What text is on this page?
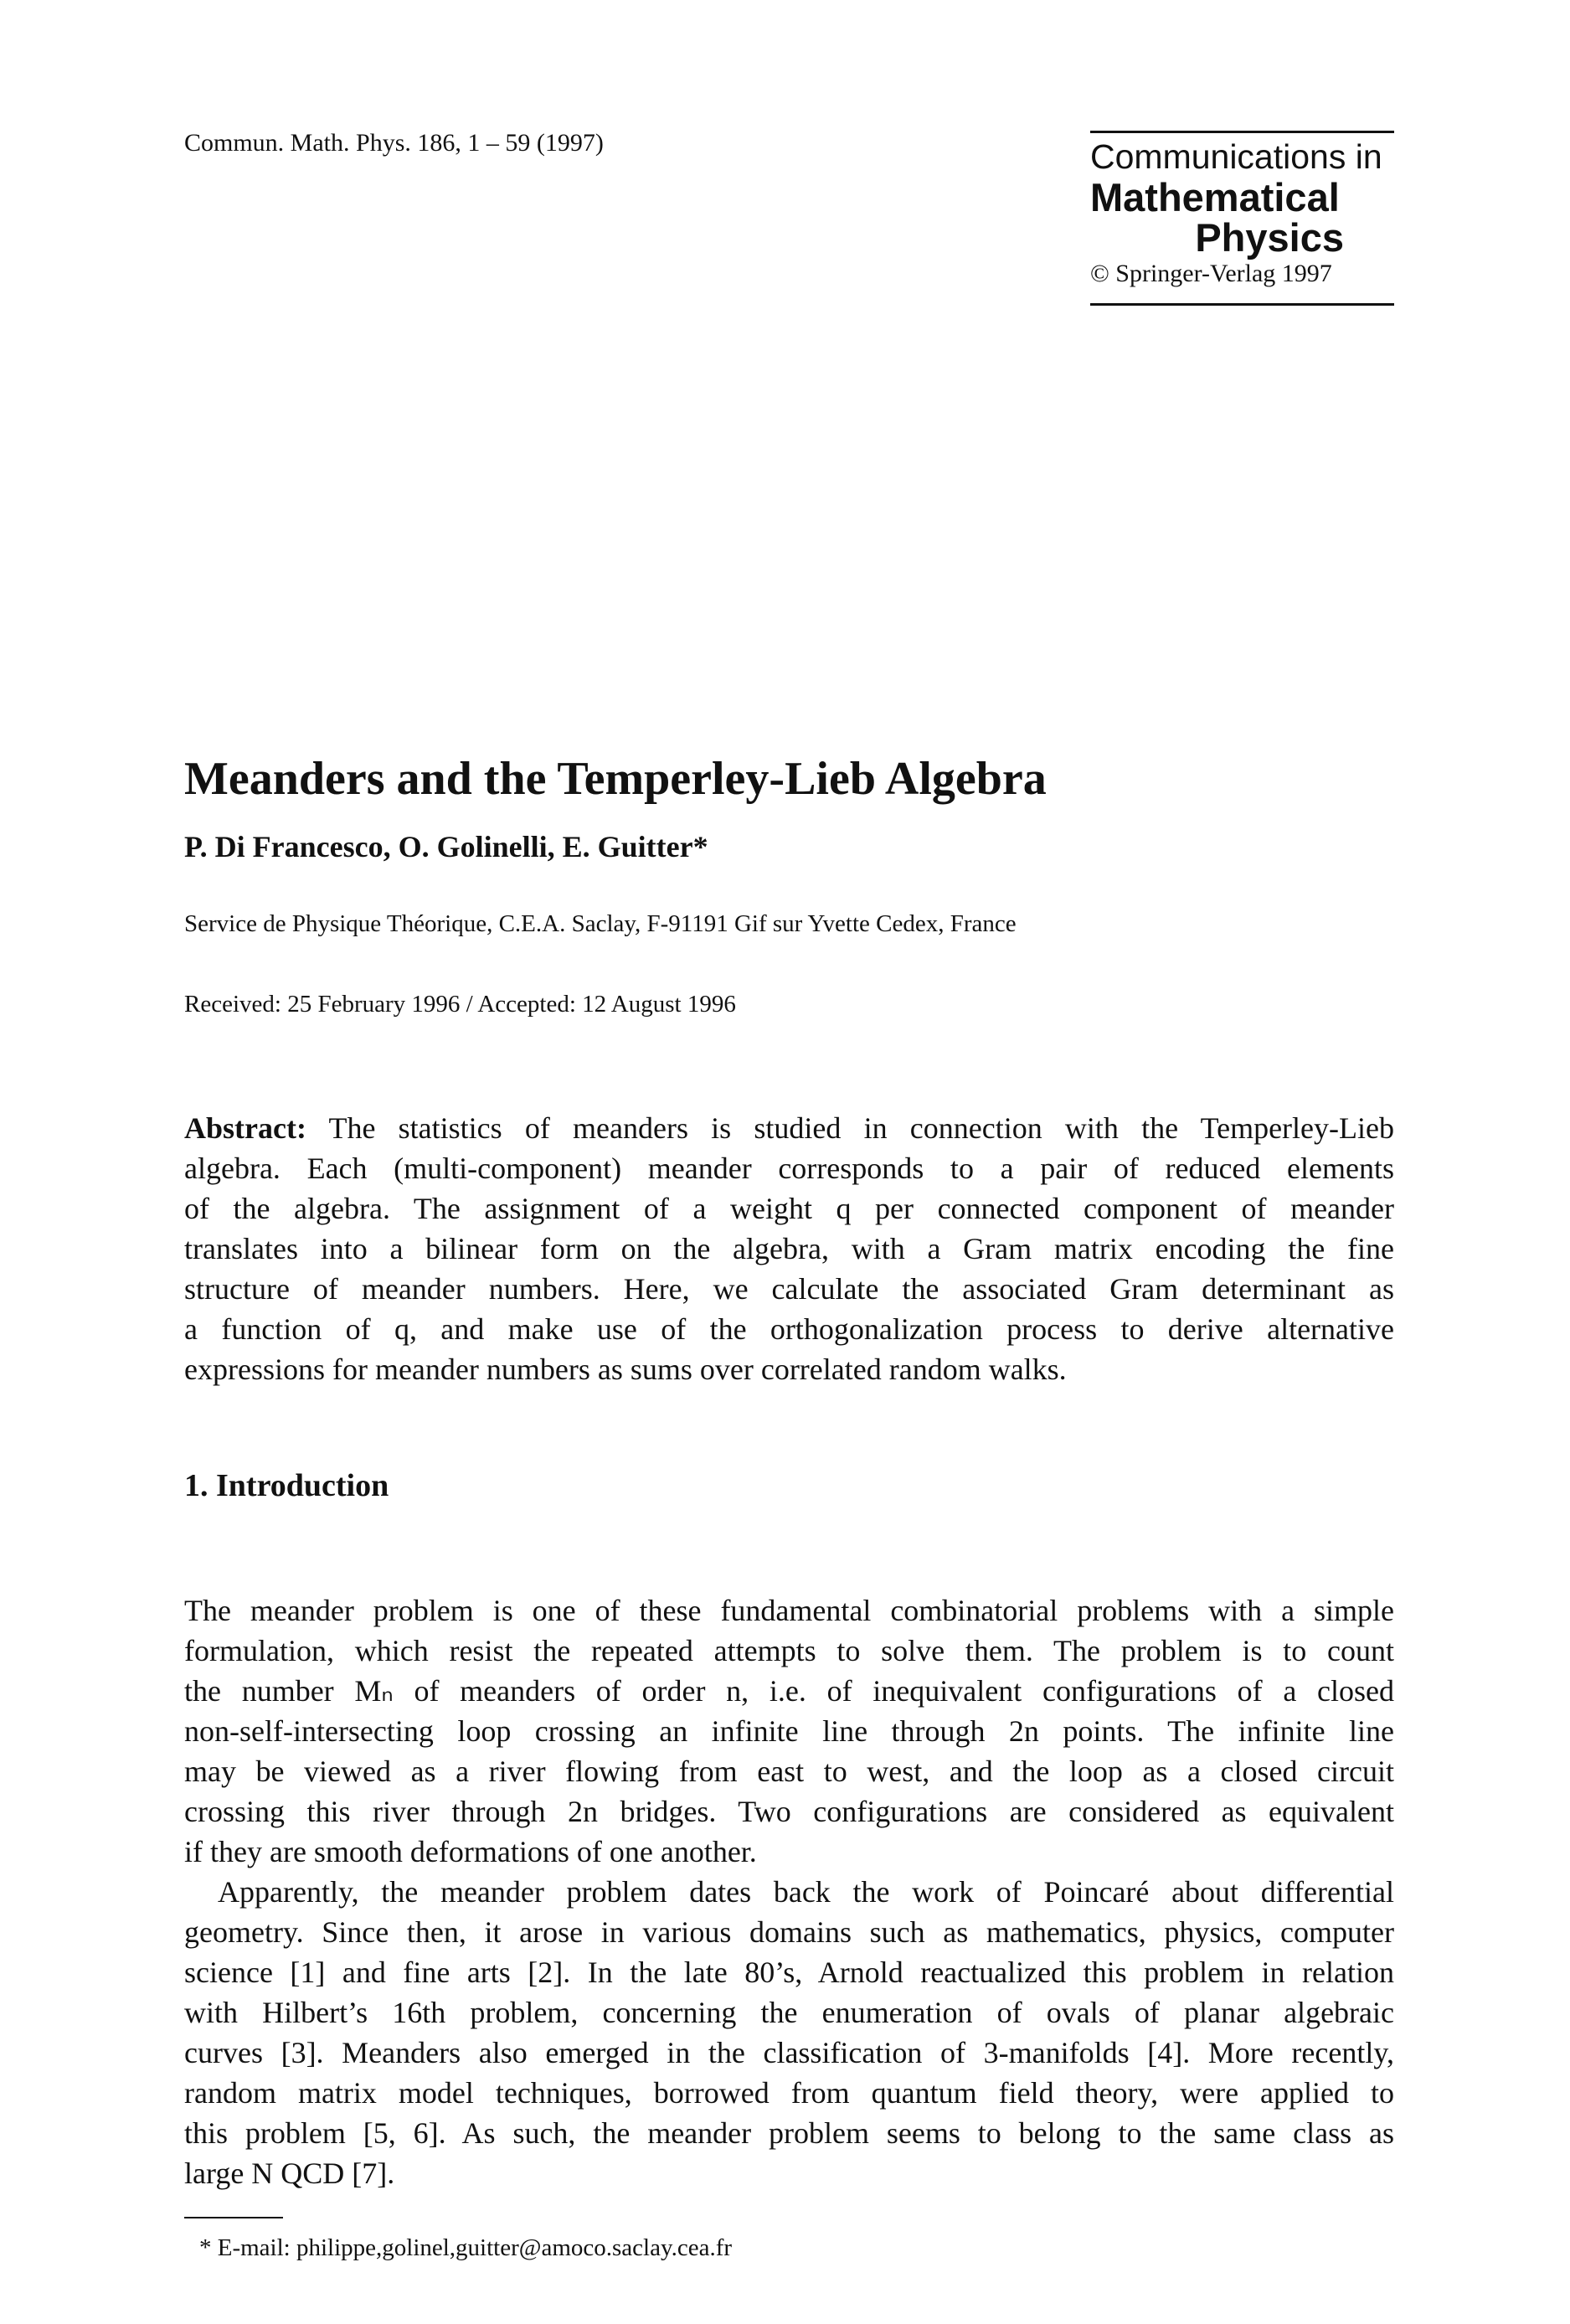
Commun. Math. Phys. 186, 1 – 59 (1997)	Communications in
Mathematical
Physics
© Springer-Verlag 1997
Meanders and the Temperley-Lieb Algebra
P. Di Francesco, O. Golinelli, E. Guitter*
Service de Physique Théorique, C.E.A. Saclay, F-91191 Gif sur Yvette Cedex, France
Received: 25 February 1996 / Accepted: 12 August 1996
Abstract: The statistics of meanders is studied in connection with the Temperley-Lieb
algebra. Each (multi-component) meander corresponds to a pair of reduced elements
of the algebra. The assignment of a weight q per connected component of meander
translates into a bilinear form on the algebra, with a Gram matrix encoding the fine
structure of meander numbers. Here, we calculate the associated Gram determinant as
a function of q, and make use of the orthogonalization process to derive alternative
expressions for meander numbers as sums over correlated random walks.
1. Introduction
The meander problem is one of these fundamental combinatorial problems with a simple
formulation, which resist the repeated attempts to solve them. The problem is to count
the number Mₙ of meanders of order n, i.e. of inequivalent configurations of a closed
non-self-intersecting loop crossing an infinite line through 2n points. The infinite line
may be viewed as a river flowing from east to west, and the loop as a closed circuit
crossing this river through 2n bridges. Two configurations are considered as equivalent
if they are smooth deformations of one another.
Apparently, the meander problem dates back the work of Poincaré about differential
geometry. Since then, it arose in various domains such as mathematics, physics, computer
science [1] and fine arts [2]. In the late 80’s, Arnold reactualized this problem in relation
with Hilbert’s 16th problem, concerning the enumeration of ovals of planar algebraic
curves [3]. Meanders also emerged in the classification of 3-manifolds [4]. More recently,
random matrix model techniques, borrowed from quantum field theory, were applied to
this problem [5, 6]. As such, the meander problem seems to belong to the same class as
large N QCD [7].
* E-mail: philippe,golinel,guitter@amoco.saclay.cea.fr
